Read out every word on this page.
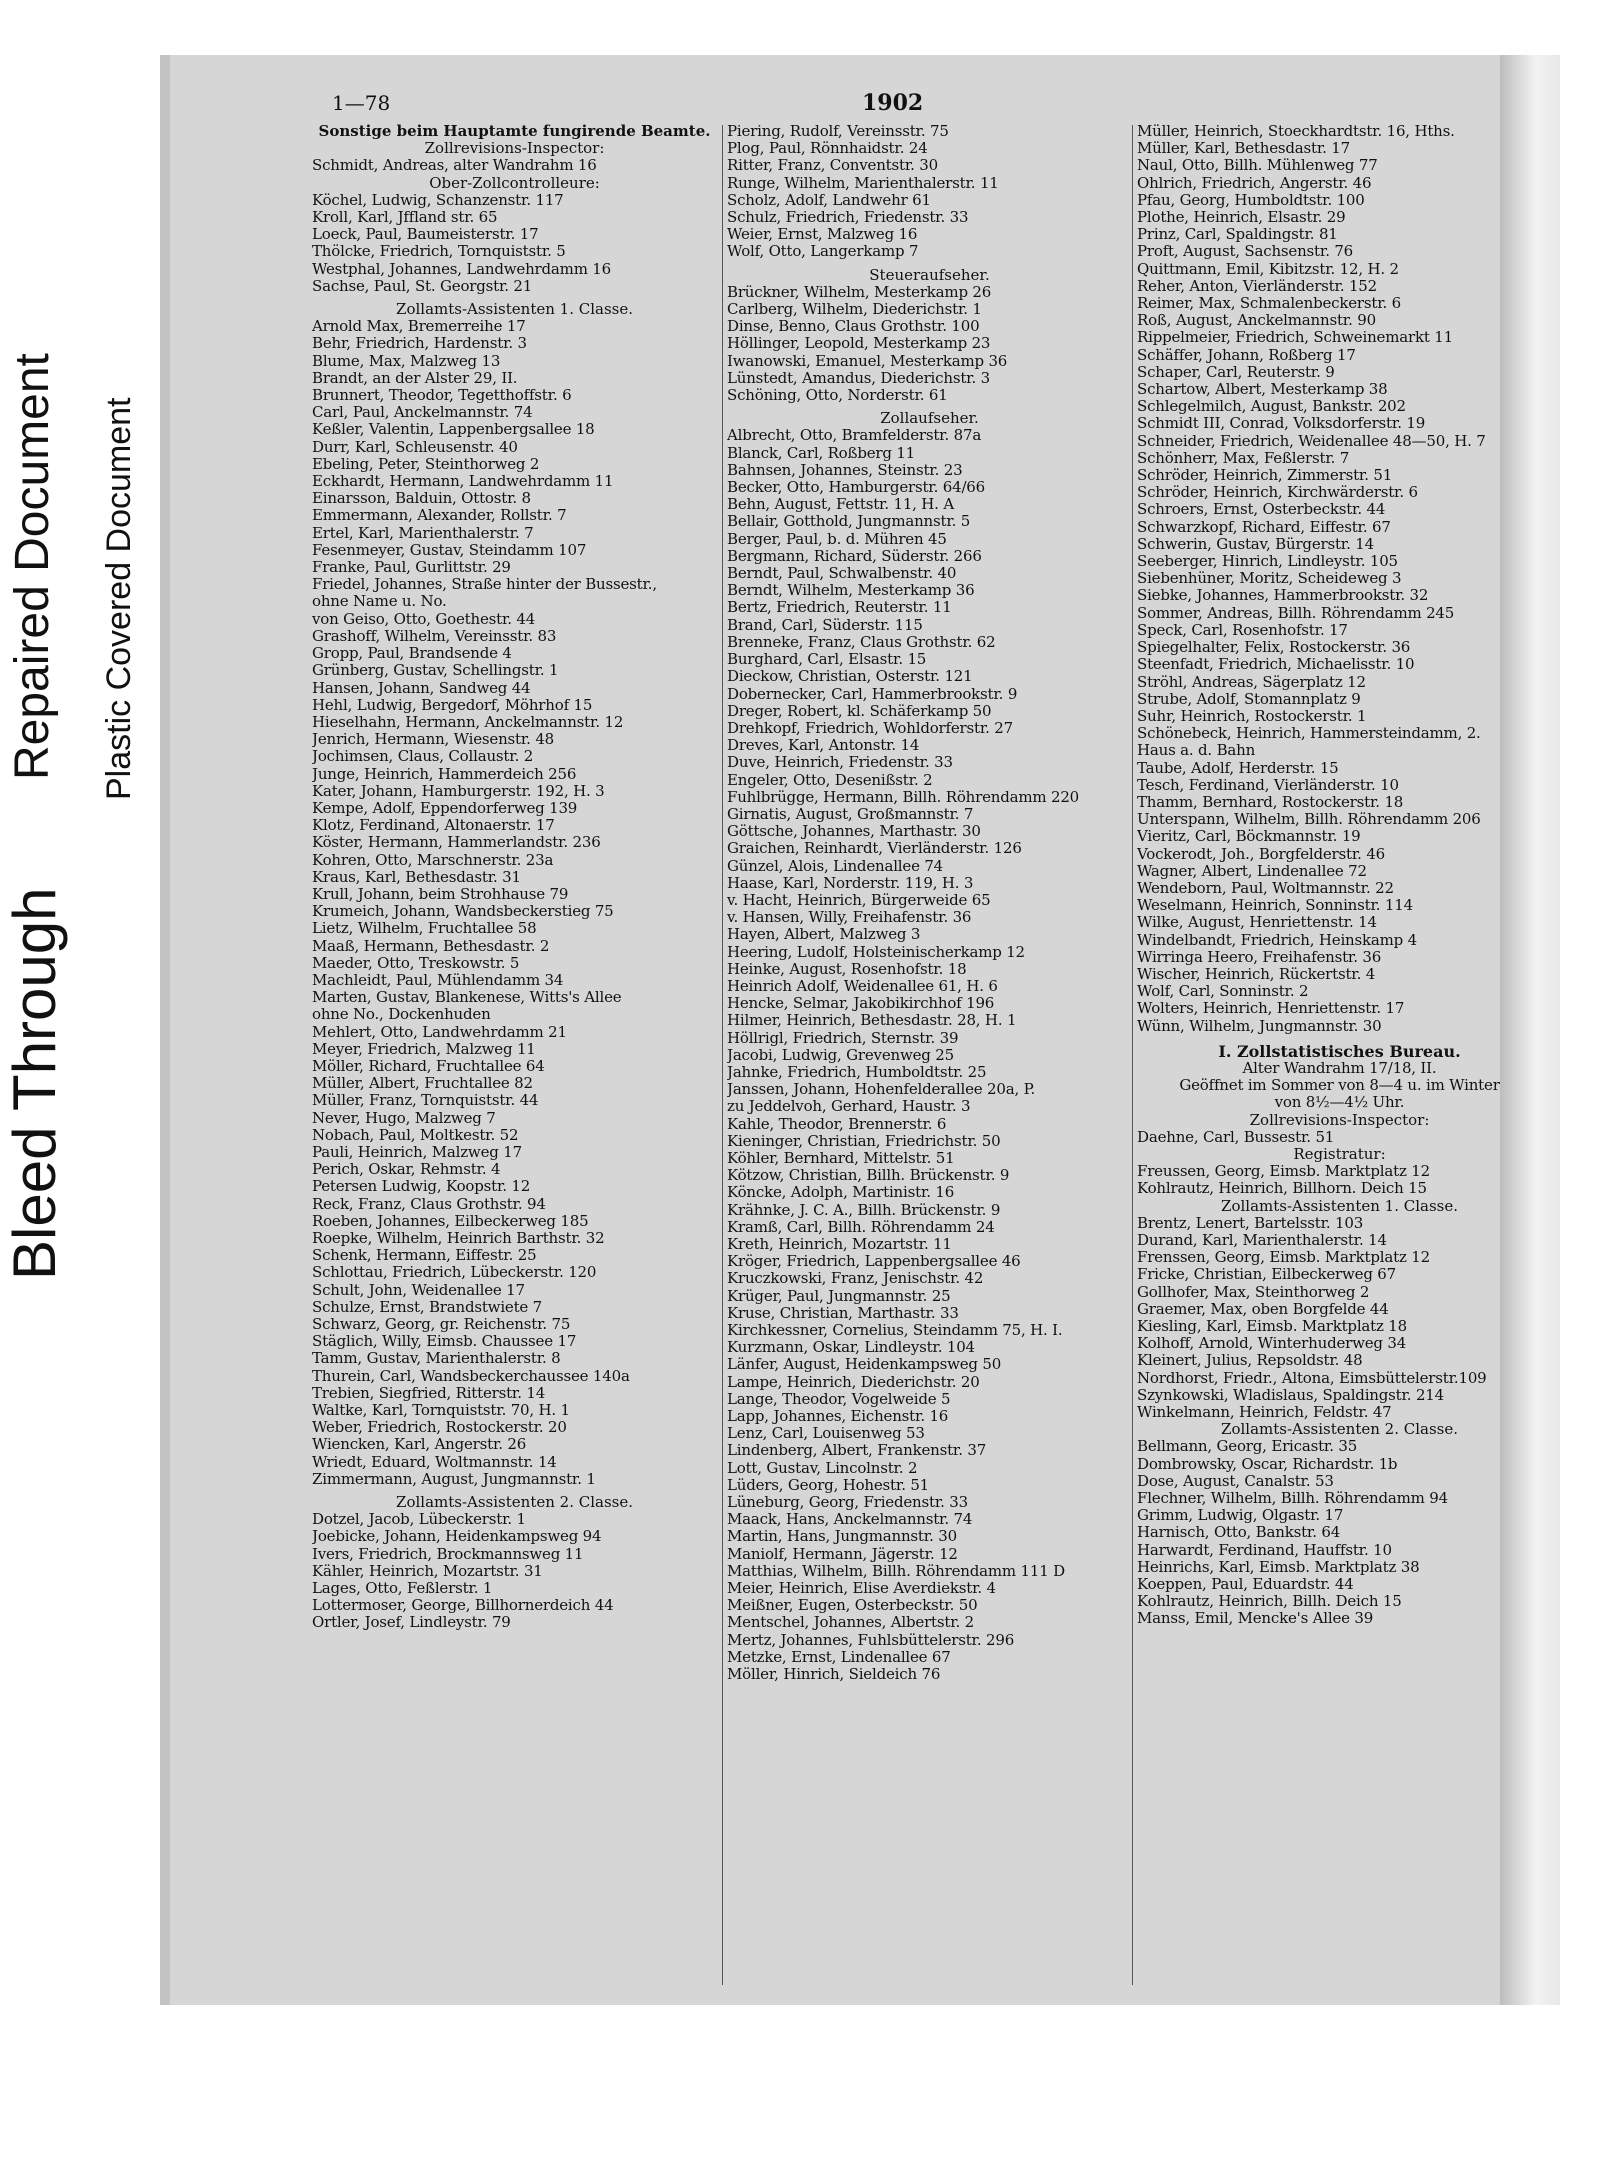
Bleed Through
Repaired Document Plastic Covered Document
1—78	1902
Sonstige beim Hauptamte fungirende Beamte.
Zollrevisions-Inspector:
Schmidt, Andreas, alter Wandrahm 16
Ober-Zollcontrolleure:
Köchel, Ludwig, Schanzenstr. 117
Kroll, Karl, Jffland str. 65
Loeck, Paul, Baumeisterstr. 17
Thölcke, Friedrich, Tornquiststr. 5
Westphal, Johannes, Landwehrdamm 16
Sachse, Paul, St. Georgstr. 21
Zollamts-Assistenten 1. Classe.
Arnold Max, Bremerreihe 17
Behr, Friedrich, Hardenstr. 3
Blume, Max, Malzweg 13
Brandt, an der Alster 29, II.
Brunnert, Theodor, Tegetthoffstr. 6
Carl, Paul, Anckelmannstr. 74
Keßler, Valentin, Lappenbergsallee 18
Durr, Karl, Schleusenstr. 40
Ebeling, Peter, Steinthorweg 2
Eckhardt, Hermann, Landwehrdamm 11
Einarsson, Balduin, Ottostr. 8
Emmermann, Alexander, Rollstr. 7
Ertel, Karl, Marienthalerstr. 7
Fesenmeyer, Gustav, Steindamm 107
Franke, Paul, Gurlittstr. 29
Friedel, Johannes, Straße hinter der Bussestr.,
ohne Name u. No.
von Geiso, Otto, Goethestr. 44
Grashoff, Wilhelm, Vereinsstr. 83
Gropp, Paul, Brandsende 4
Grünberg, Gustav, Schellingstr. 1
Hansen, Johann, Sandweg 44
Hehl, Ludwig, Bergedorf, Möhrhof 15
Hieselhahn, Hermann, Anckelmannstr. 12
Jenrich, Hermann, Wiesenstr. 48
Jochimsen, Claus, Collaustr. 2
Junge, Heinrich, Hammerdeich 256
Kater, Johann, Hamburgerstr. 192, H. 3
Kempe, Adolf, Eppendorferweg 139
Klotz, Ferdinand, Altonaerstr. 17
Köster, Hermann, Hammerlandstr. 236
Kohren, Otto, Marschnerstr. 23a
Kraus, Karl, Bethesdastr. 31
Krull, Johann, beim Strohhause 79
Krumeich, Johann, Wandsbeckerstieg 75
Lietz, Wilhelm, Fruchtallee 58
Maaß, Hermann, Bethesdastr. 2
Maeder, Otto, Treskowstr. 5
Machleidt, Paul, Mühlendamm 34
Marten, Gustav, Blankenese, Witts's Allee
ohne No., Dockenhuden
Mehlert, Otto, Landwehrdamm 21
Meyer, Friedrich, Malzweg 11
Möller, Richard, Fruchtallee 64
Müller, Albert, Fruchtallee 82
Müller, Franz, Tornquiststr. 44
Never, Hugo, Malzweg 7
Nobach, Paul, Moltkestr. 52
Pauli, Heinrich, Malzweg 17
Perich, Oskar, Rehmstr. 4
Petersen Ludwig, Koopstr. 12
Reck, Franz, Claus Grothstr. 94
Roeben, Johannes, Eilbeckerweg 185
Roepke, Wilhelm, Heinrich Barthstr. 32
Schenk, Hermann, Eiffestr. 25
Schlottau, Friedrich, Lübeckerstr. 120
Schult, John, Weidenallee 17
Schulze, Ernst, Brandstwiete 7
Schwarz, Georg, gr. Reichenstr. 75
Stäglich, Willy, Eimsb. Chaussee 17
Tamm, Gustav, Marienthalerstr. 8
Thurein, Carl, Wandsbeckerchaussee 140a
Trebien, Siegfried, Ritterstr. 14
Waltke, Karl, Tornquiststr. 70, H. 1
Weber, Friedrich, Rostockerstr. 20
Wiencken, Karl, Angerstr. 26
Wriedt, Eduard, Woltmannstr. 14
Zimmermann, August, Jungmannstr. 1
Zollamts-Assistenten 2. Classe.
Dotzel, Jacob, Lübeckerstr. 1
Joebicke, Johann, Heidenkampsweg 94
Ivers, Friedrich, Brockmannsweg 11
Kähler, Heinrich, Mozartstr. 31
Lages, Otto, Feßlerstr. 1
Lottermoser, George, Billhornerdeich 44
Ortler, Josef, Lindleystr. 79
Piering, Rudolf, Vereinsstr. 75
Plog, Paul, Rönnhaidstr. 24
Ritter, Franz, Conventstr. 30
Runge, Wilhelm, Marienthalerstr. 11
Scholz, Adolf, Landwehr 61
Schulz, Friedrich, Friedenstr. 33
Weier, Ernst, Malzweg 16
Wolf, Otto, Langerkamp 7
Steueraufseher.
Brückner, Wilhelm, Mesterkamp 26
Carlberg, Wilhelm, Diederichstr. 1
Dinse, Benno, Claus Grothstr. 100
Höllinger, Leopold, Mesterkamp 23
Iwanowski, Emanuel, Mesterkamp 36
Lünstedt, Amandus, Diederichstr. 3
Schöning, Otto, Norderstr. 61
Zollaufseher.
Albrecht, Otto, Bramfelderstr. 87a
Blanck, Carl, Roßberg 11
Bahnsen, Johannes, Steinstr. 23
Becker, Otto, Hamburgerstr. 64/66
Behn, August, Fettstr. 11, H. A
Bellair, Gotthold, Jungmannstr. 5
Berger, Paul, b. d. Mühren 45
Bergmann, Richard, Süderstr. 266
Berndt, Paul, Schwalbenstr. 40
Berndt, Wilhelm, Mesterkamp 36
Bertz, Friedrich, Reuterstr. 11
Brand, Carl, Süderstr. 115
Brenneke, Franz, Claus Grothstr. 62
Burghard, Carl, Elsastr. 15
Dieckow, Christian, Osterstr. 121
Dobernecker, Carl, Hammerbrookstr. 9
Dreger, Robert, kl. Schäferkamp 50
Drehkopf, Friedrich, Wohldorferstr. 27
Dreves, Karl, Antonstr. 14
Duve, Heinrich, Friedenstr. 33
Engeler, Otto, Desenißstr. 2
Fuhlbrügge, Hermann, Billh. Röhrendamm 220
Girnatis, August, Großmannstr. 7
Göttsche, Johannes, Marthastr. 30
Graichen, Reinhardt, Vierländerstr. 126
Günzel, Alois, Lindenallee 74
Haase, Karl, Norderstr. 119, H. 3
v. Hacht, Heinrich, Bürgerweide 65
v. Hansen, Willy, Freihafenstr. 36
Hayen, Albert, Malzweg 3
Heering, Ludolf, Holsteinischerkamp 12
Heinke, August, Rosenhofstr. 18
Heinrich Adolf, Weidenallee 61, H. 6
Hencke, Selmar, Jakobikirchhof 196
Hilmer, Heinrich, Bethesdastr. 28, H. 1
Höllrigl, Friedrich, Sternstr. 39
Jacobi, Ludwig, Grevenweg 25
Jahnke, Friedrich, Humboldtstr. 25
Janssen, Johann, Hohenfelderallee 20a, P.
zu Jeddelvoh, Gerhard, Haustr. 3
Kahle, Theodor, Brennerstr. 6
Kieninger, Christian, Friedrichstr. 50
Köhler, Bernhard, Mittelstr. 51
Kötzow, Christian, Billh. Brückenstr. 9
Köncke, Adolph, Martinistr. 16
Krähnke, J. C. A., Billh. Brückenstr. 9
Kramß, Carl, Billh. Röhrendamm 24
Kreth, Heinrich, Mozartstr. 11
Kröger, Friedrich, Lappenbergsallee 46
Kruczkowski, Franz, Jenischstr. 42
Krüger, Paul, Jungmannstr. 25
Kruse, Christian, Marthastr. 33
Kirchkessner, Cornelius, Steindamm 75, H. I.
Kurzmann, Oskar, Lindleystr. 104
Länfer, August, Heidenkampsweg 50
Lampe, Heinrich, Diederichstr. 20
Lange, Theodor, Vogelweide 5
Lapp, Johannes, Eichenstr. 16
Lenz, Carl, Louisenweg 53
Lindenberg, Albert, Frankenstr. 37
Lott, Gustav, Lincolnstr. 2
Lüders, Georg, Hohestr. 51
Lüneburg, Georg, Friedenstr. 33
Maack, Hans, Anckelmannstr. 74
Martin, Hans, Jungmannstr. 30
Maniolf, Hermann, Jägerstr. 12
Matthias, Wilhelm, Billh. Röhrendamm 111 D
Meier, Heinrich, Elise Averdiekstr. 4
Meißner, Eugen, Osterbeckstr. 50
Mentschel, Johannes, Albertstr. 2
Mertz, Johannes, Fuhlsbüttelerstr. 296
Metzke, Ernst, Lindenallee 67
Möller, Hinrich, Sieldeich 76
Müller, Heinrich, Stoeckhardtstr. 16, Hths.
Müller, Karl, Bethesdastr. 17
Naul, Otto, Billh. Mühlenweg 77
Ohlrich, Friedrich, Angerstr. 46
Pfau, Georg, Humboldtstr. 100
Plothe, Heinrich, Elsastr. 29
Prinz, Carl, Spaldingstr. 81
Proft, August, Sachsenstr. 76
Quittmann, Emil, Kibitzstr. 12, H. 2
Reher, Anton, Vierländerstr. 152
Reimer, Max, Schmalenbeckerstr. 6
Roß, August, Anckelmannstr. 90
Rippelmeier, Friedrich, Schweinemarkt 11
Schäffer, Johann, Roßberg 17
Schaper, Carl, Reuterstr. 9
Schartow, Albert, Mesterkamp 38
Schlegelmilch, August, Bankstr. 202
Schmidt III, Conrad, Volksdorferstr. 19
Schneider, Friedrich, Weidenallee 48—50, H. 7
Schönherr, Max, Feßlerstr. 7
Schröder, Heinrich, Zimmerstr. 51
Schröder, Heinrich, Kirchwärderstr. 6
Schroers, Ernst, Osterbeckstr. 44
Schwarzkopf, Richard, Eiffestr. 67
Schwerin, Gustav, Bürgerstr. 14
Seeberger, Hinrich, Lindleystr. 105
Siebenhüner, Moritz, Scheideweg 3
Siebke, Johannes, Hammerbrookstr. 32
Sommer, Andreas, Billh. Röhrendamm 245
Speck, Carl, Rosenhofstr. 17
Spiegelhalter, Felix, Rostockerstr. 36
Steenfadt, Friedrich, Michaelisstr. 10
Ströhl, Andreas, Sägerplatz 12
Strube, Adolf, Stomannplatz 9
Suhr, Heinrich, Rostockerstr. 1
Schönebeck, Heinrich, Hammersteindamm, 2.
Haus a. d. Bahn
Taube, Adolf, Herderstr. 15
Tesch, Ferdinand, Vierländerstr. 10
Thamm, Bernhard, Rostockerstr. 18
Unterspann, Wilhelm, Billh. Röhrendamm 206
Vieritz, Carl, Böckmannstr. 19
Vockerodt, Joh., Borgfelderstr. 46
Wagner, Albert, Lindenallee 72
Wendeborn, Paul, Woltmannstr. 22
Weselmann, Heinrich, Sonninstr. 114
Wilke, August, Henriettenstr. 14
Windelbandt, Friedrich, Heinskamp 4
Wirringa Heero, Freihafenstr. 36
Wischer, Heinrich, Rückertstr. 4
Wolf, Carl, Sonninstr. 2
Wolters, Heinrich, Henriettenstr. 17
Wünn, Wilhelm, Jungmannstr. 30
I. Zollstatistisches Bureau.
Alter Wandrahm 17/18, II.
Geöffnet im Sommer von 8—4 u. im Winter
von 8½—4½ Uhr.
Zollrevisions-Inspector:
Daehne, Carl, Bussestr. 51
Registratur:
Freussen, Georg, Eimsb. Marktplatz 12
Kohlrautz, Heinrich, Billhorn. Deich 15
Zollamts-Assistenten 1. Classe.
Brentz, Lenert, Bartelsstr. 103
Durand, Karl, Marienthalerstr. 14
Frenssen, Georg, Eimsb. Marktplatz 12
Fricke, Christian, Eilbeckerweg 67
Gollhofer, Max, Steinthorweg 2
Graemer, Max, oben Borgfelde 44
Kiesling, Karl, Eimsb. Marktplatz 18
Kolhoff, Arnold, Winterhuderweg 34
Kleinert, Julius, Repsoldstr. 48
Nordhorst, Friedr., Altona, Eimsbüttelerstr.109
Szynkowski, Wladislaus, Spaldingstr. 214
Winkelmann, Heinrich, Feldstr. 47
Zollamts-Assistenten 2. Classe.
Bellmann, Georg, Ericastr. 35
Dombrowsky, Oscar, Richardstr. 1b
Dose, August, Canalstr. 53
Flechner, Wilhelm, Billh. Röhrendamm 94
Grimm, Ludwig, Olgastr. 17
Harnisch, Otto, Bankstr. 64
Harwardt, Ferdinand, Hauffstr. 10
Heinrichs, Karl, Eimsb. Marktplatz 38
Koeppen, Paul, Eduardstr. 44
Kohlrautz, Heinrich, Billh. Deich 15
Manss, Emil, Mencke's Allee 39
